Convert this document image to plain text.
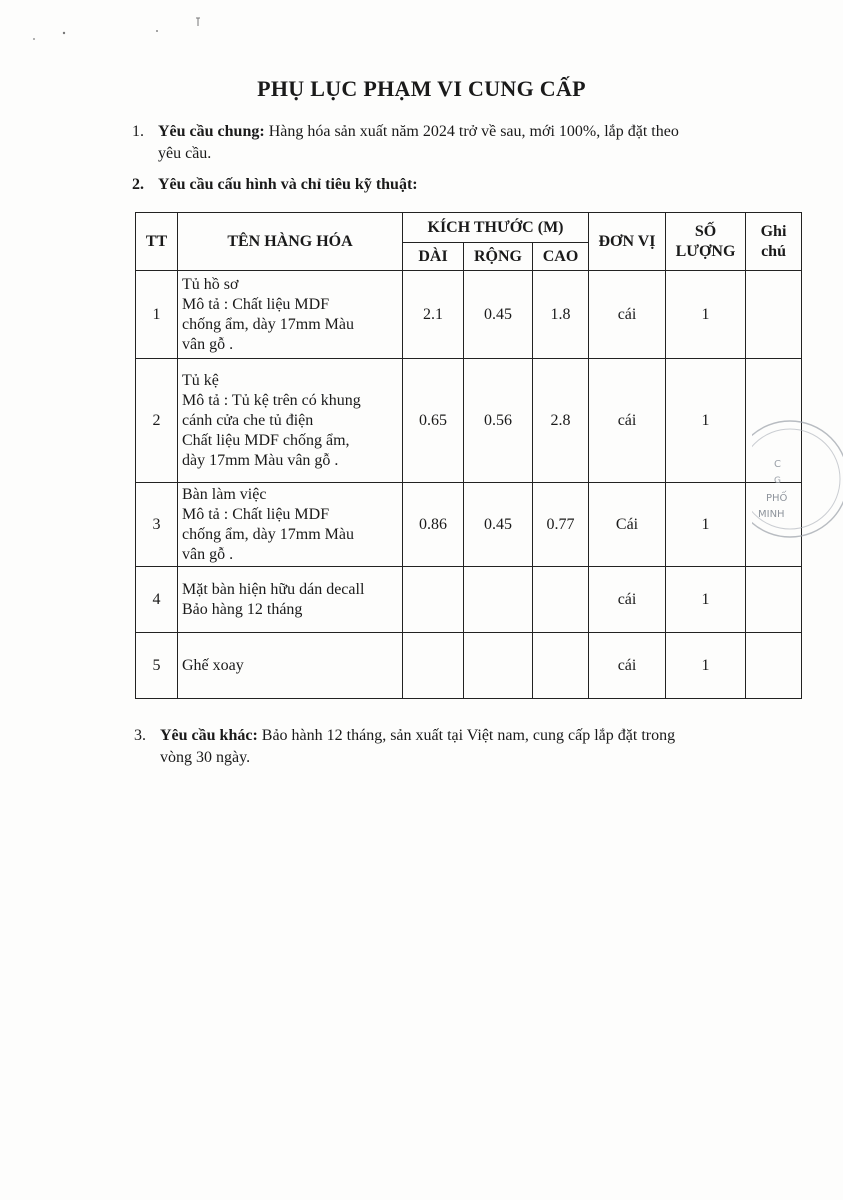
PHỤ LỤC PHẠM VI CUNG CẤP
1. Yêu cầu chung: Hàng hóa sản xuất năm 2024 trở về sau, mới 100%, lắp đặt theo
yêu cầu.
2. Yêu cầu cấu hình và chỉ tiêu kỹ thuật:
TT	TÊN HÀNG HÓA	KÍCH THƯỚC (M)			ĐƠN VỊ	SỐ LƯỢNG	Ghi chú
		DÀI	RỘNG	CAO			
1	Tủ hồ sơ
Mô tả : Chất liệu MDF
chống ẩm, dày 17mm Màu
vân gỗ .	2.1	0.45	1.8	cái	1	
2	Tủ kệ
Mô tả : Tủ kệ trên có khung
cánh cửa che tủ điện
Chất liệu MDF chống ẩm,
dày 17mm Màu vân gỗ .	0.65	0.56	2.8	cái	1	
3	Bàn làm việc
Mô tả : Chất liệu MDF
chống ẩm, dày 17mm Màu
vân gỗ .	0.86	0.45	0.77	Cái	1	
4	Mặt bàn hiện hữu dán decall
Bảo hàng 12 tháng				cái	1	
5	Ghế xoay				cái	1	
C
G
PHỐ
MINH
3. Yêu cầu khác: Bảo hành 12 tháng, sản xuất tại Việt nam, cung cấp lắp đặt trong
vòng 30 ngày.
